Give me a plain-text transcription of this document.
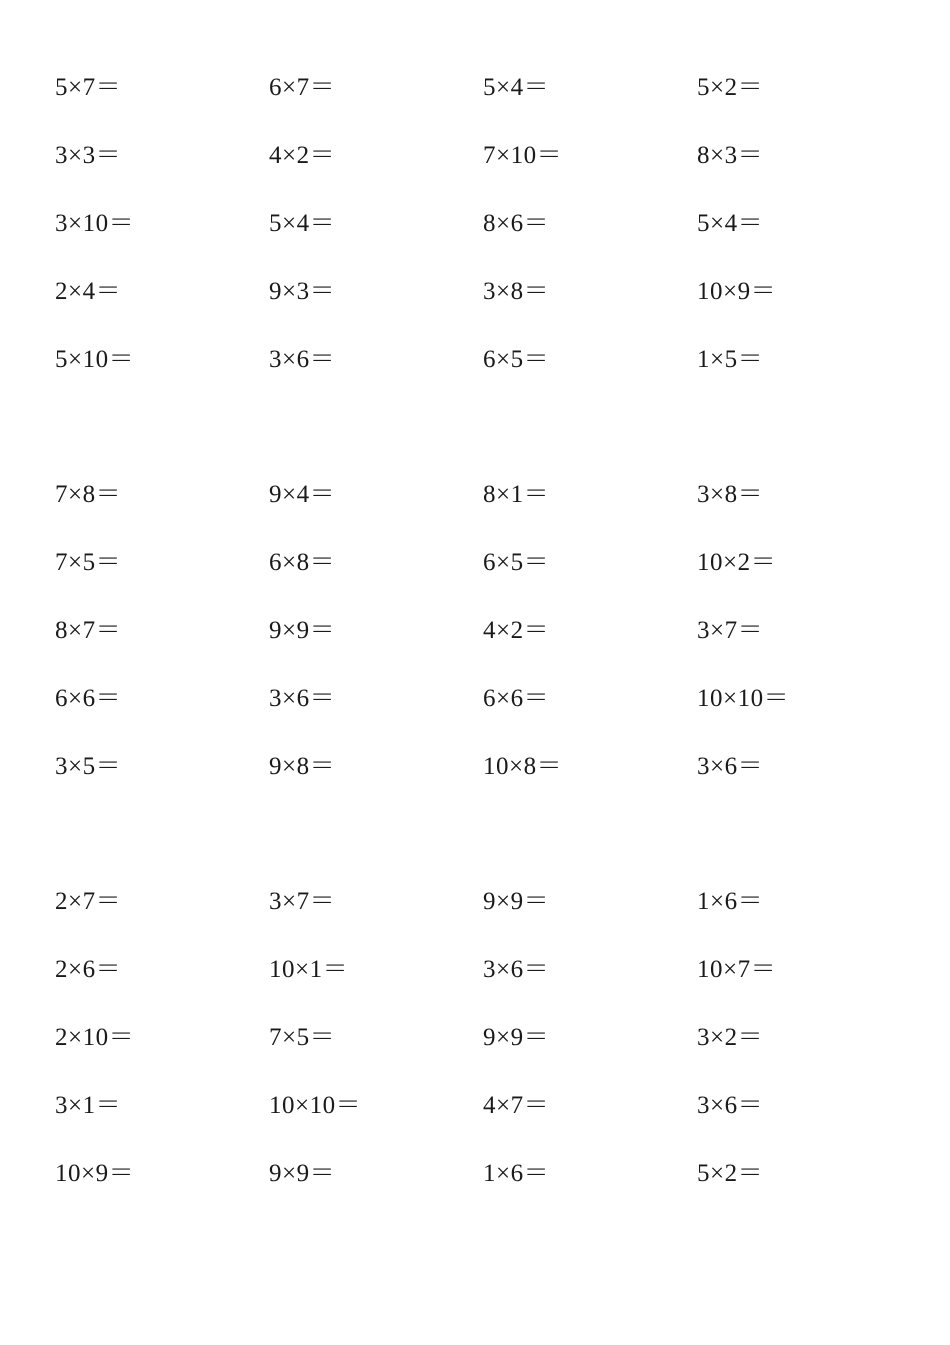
5×7＝	6×7＝	5×4＝	5×2＝
3×3＝	4×2＝	7×10＝	8×3＝
3×10＝	5×4＝	8×6＝	5×4＝
2×4＝	9×3＝	3×8＝	10×9＝
5×10＝	3×6＝	6×5＝	1×5＝
7×8＝	9×4＝	8×1＝	3×8＝
7×5＝	6×8＝	6×5＝	10×2＝
8×7＝	9×9＝	4×2＝	3×7＝
6×6＝	3×6＝	6×6＝	10×10＝
3×5＝	9×8＝	10×8＝	3×6＝
2×7＝	3×7＝	9×9＝	1×6＝
2×6＝	10×1＝	3×6＝	10×7＝
2×10＝	7×5＝	9×9＝	3×2＝
3×1＝	10×10＝	4×7＝	3×6＝
10×9＝	9×9＝	1×6＝	5×2＝
